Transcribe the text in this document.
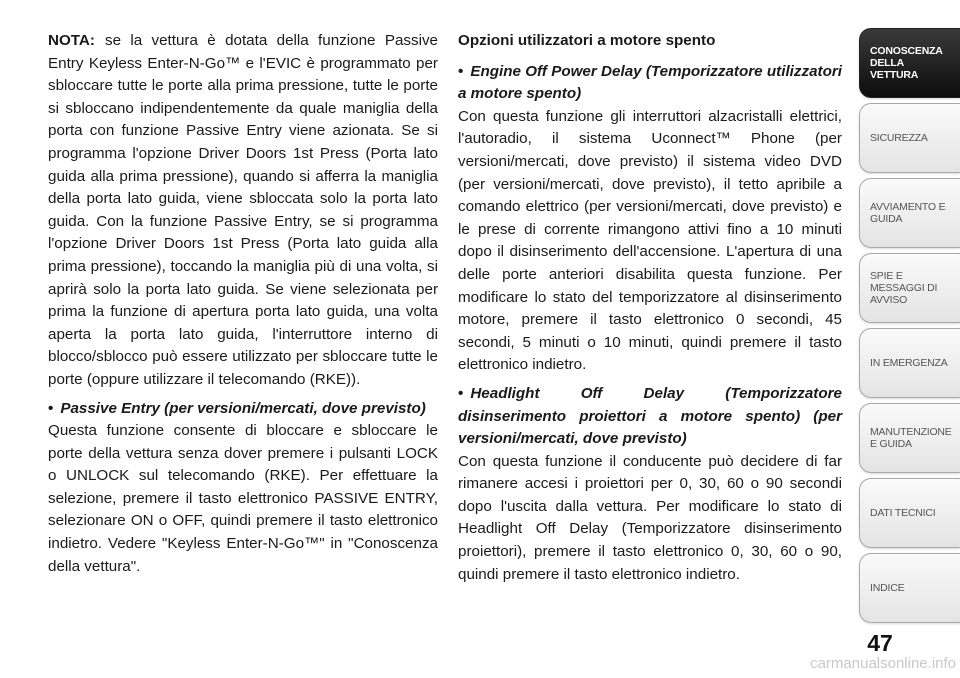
NOTA: se la vettura è dotata della funzione Passive Entry Keyless Enter-N-Go™ e l'EVIC è programmato per sbloccare tutte le porte alla prima pressione, tutte le porte si sbloccano indipendentemente da quale maniglia della porta con funzione Passive Entry viene azionata. Se si programma l'opzione Driver Doors 1st Press (Porta lato guida alla prima pressione), quando si afferra la maniglia della porta lato guida, viene sbloccata solo la porta lato guida. Con la funzione Passive Entry, se si programma l'opzione Driver Doors 1st Press (Porta lato guida alla prima pressione), toccando la maniglia più di una volta, si aprirà solo la porta lato guida. Se viene selezionata per prima la funzione di apertura porta lato guida, una volta aperta la porta lato guida, l'interruttore interno di blocco/sblocco può essere utilizzato per sbloccare tutte le porte (oppure utilizzare il telecomando (RKE)).

• Passive Entry (per versioni/mercati, dove previsto)

Questa funzione consente di bloccare e sbloccare le porte della vettura senza dover premere i pulsanti LOCK o UNLOCK sul telecomando (RKE). Per effettuare la selezione, premere il tasto elettronico PASSIVE ENTRY, selezionare ON o OFF, quindi premere il tasto elettronico indietro. Vedere "Keyless Enter-N-Go™" in "Conoscenza della vettura".

Opzioni utilizzatori a motore spento

• Engine Off Power Delay (Temporizzatore utilizzatori a motore spento)

Con questa funzione gli interruttori alzacristalli elettrici, l'autoradio, il sistema Uconnect™ Phone (per versioni/mercati, dove previsto) il sistema video DVD (per versioni/mercati, dove previsto), il tetto apribile a comando elettrico (per versioni/mercati, dove previsto) e le prese di corrente rimangono attivi fino a 10 minuti dopo il disinserimento dell'accensione. L'apertura di una delle porte anteriori disabilita questa funzione. Per modificare lo stato del temporizzatore al disinserimento motore, premere il tasto elettronico 0 secondi, 45 secondi, 5 minuti o 10 minuti, quindi premere il tasto elettronico indietro.

• Headlight Off Delay (Temporizzatore disinserimento proiettori a motore spento) (per versioni/mercati, dove previsto)

Con questa funzione il conducente può decidere di far rimanere accesi i proiettori per 0, 30, 60 o 90 secondi dopo l'uscita dalla vettura. Per modificare lo stato di Headlight Off Delay (Temporizzatore disinserimento proiettori), premere il tasto elettronico 0, 30, 60 o 90, quindi premere il tasto elettronico indietro.

CONOSCENZA DELLA VETTURA
SICUREZZA
AVVIAMENTO E GUIDA
SPIE E MESSAGGI DI AVVISO
IN EMERGENZA
MANUTENZIONE E GUIDA
DATI TECNICI
INDICE
47
carmanualsonline.info
